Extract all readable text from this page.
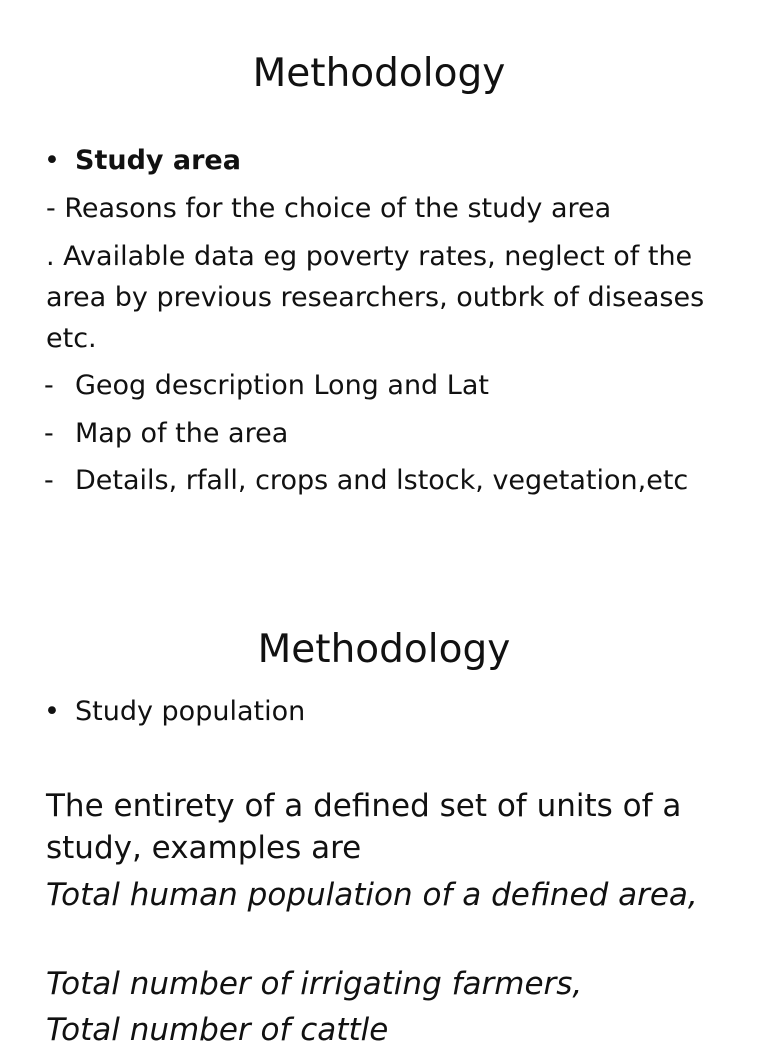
Methodology
• Study area

- Reasons for the choice of the study area

. Available data eg poverty rates, neglect of the area by previous researchers, outbrk of diseases etc.

- Geog description Long and Lat
- Map of the area
- Details, rfall, crops and lstock, vegetation,etc
Methodology
• Study population

The entirety of a defined set of units of a study, examples are

Total human population of a defined area,

Total number of irrigating farmers,

Total number of cattle
